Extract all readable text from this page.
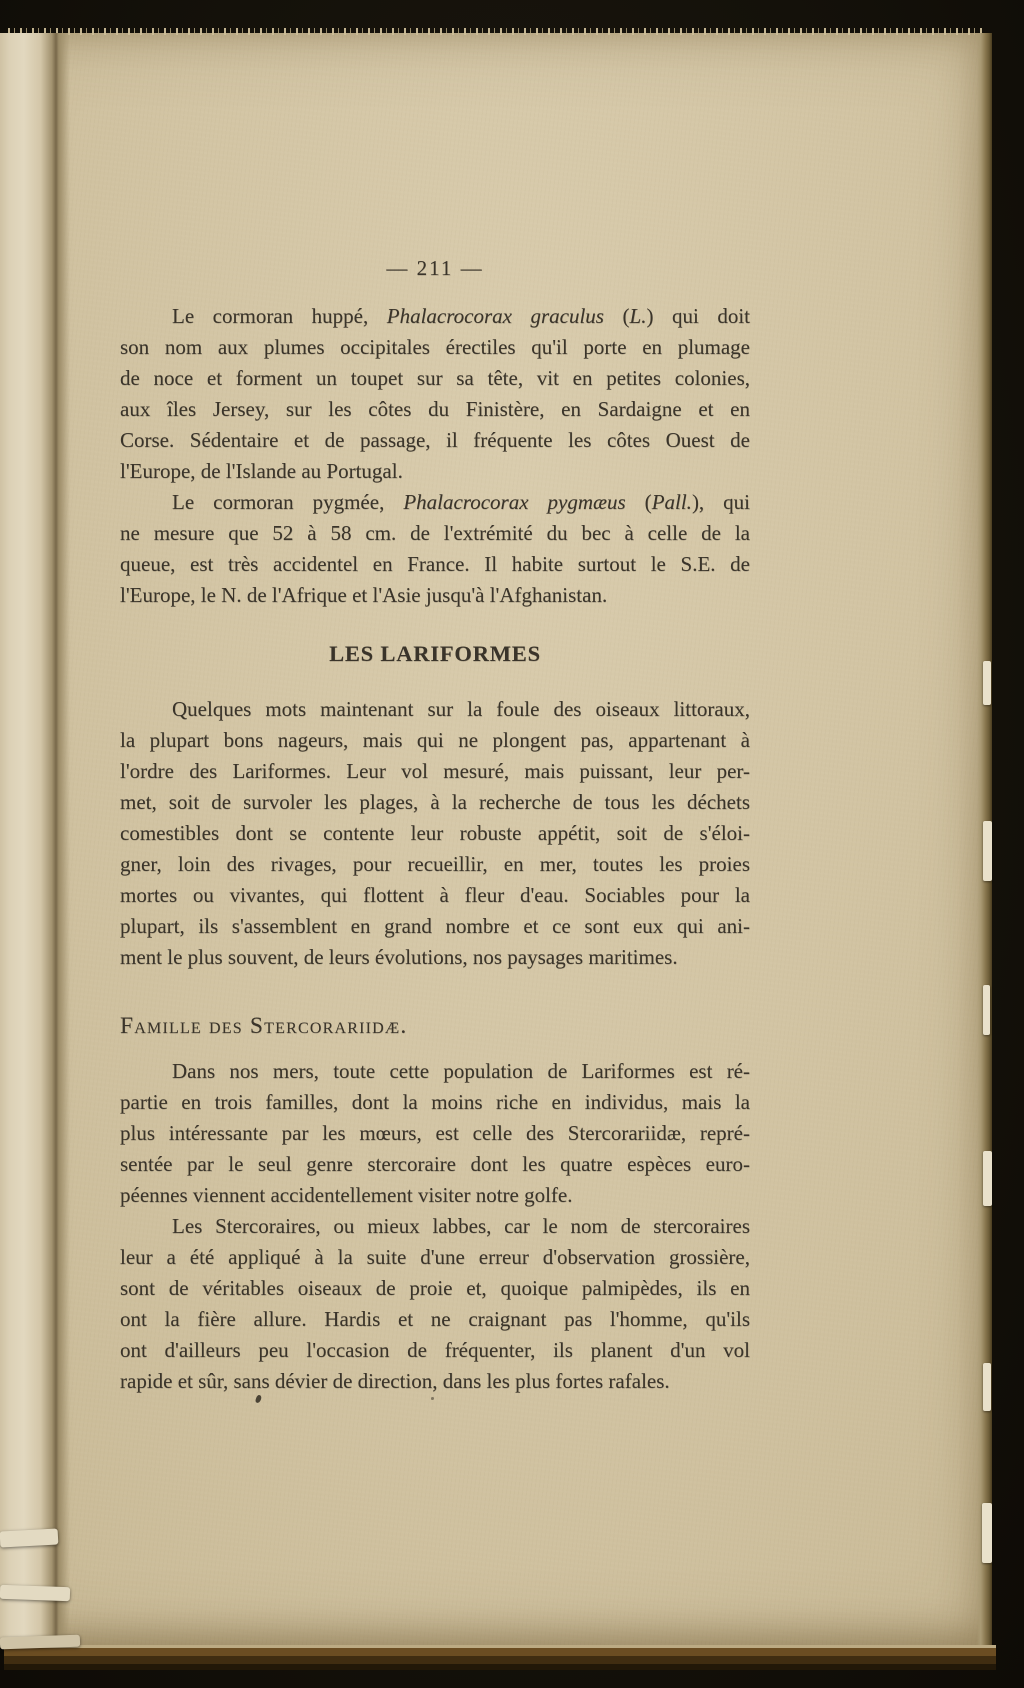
— 211 —
Le cormoran huppé, Phalacrocorax graculus (L.) qui doit
son nom aux plumes occipitales érectiles qu'il porte en plumage
de noce et forment un toupet sur sa tête, vit en petites colonies,
aux îles Jersey, sur les côtes du Finistère, en Sardaigne et en
Corse. Sédentaire et de passage, il fréquente les côtes Ouest de
l'Europe, de l'Islande au Portugal.
Le cormoran pygmée, Phalacrocorax pygmæus (Pall.), qui
ne mesure que 52 à 58 cm. de l'extrémité du bec à celle de la
queue, est très accidentel en France. Il habite surtout le S.E. de
l'Europe, le N. de l'Afrique et l'Asie jusqu'à l'Afghanistan.
LES LARIFORMES
Quelques mots maintenant sur la foule des oiseaux littoraux,
la plupart bons nageurs, mais qui ne plongent pas, appartenant à
l'ordre des Lariformes. Leur vol mesuré, mais puissant, leur per-
met, soit de survoler les plages, à la recherche de tous les déchets
comestibles dont se contente leur robuste appétit, soit de s'éloi-
gner, loin des rivages, pour recueillir, en mer, toutes les proies
mortes ou vivantes, qui flottent à fleur d'eau. Sociables pour la
plupart, ils s'assemblent en grand nombre et ce sont eux qui ani-
ment le plus souvent, de leurs évolutions, nos paysages maritimes.
Famille des Stercorariidæ.
Dans nos mers, toute cette population de Lariformes est ré-
partie en trois familles, dont la moins riche en individus, mais la
plus intéressante par les mœurs, est celle des Stercorariidæ, repré-
sentée par le seul genre stercoraire dont les quatre espèces euro-
péennes viennent accidentellement visiter notre golfe.
Les Stercoraires, ou mieux labbes, car le nom de stercoraires
leur a été appliqué à la suite d'une erreur d'observation grossière,
sont de véritables oiseaux de proie et, quoique palmipèdes, ils en
ont la fière allure. Hardis et ne craignant pas l'homme, qu'ils
ont d'ailleurs peu l'occasion de fréquenter, ils planent d'un vol
rapide et sûr, sans dévier de direction, dans les plus fortes rafales.
